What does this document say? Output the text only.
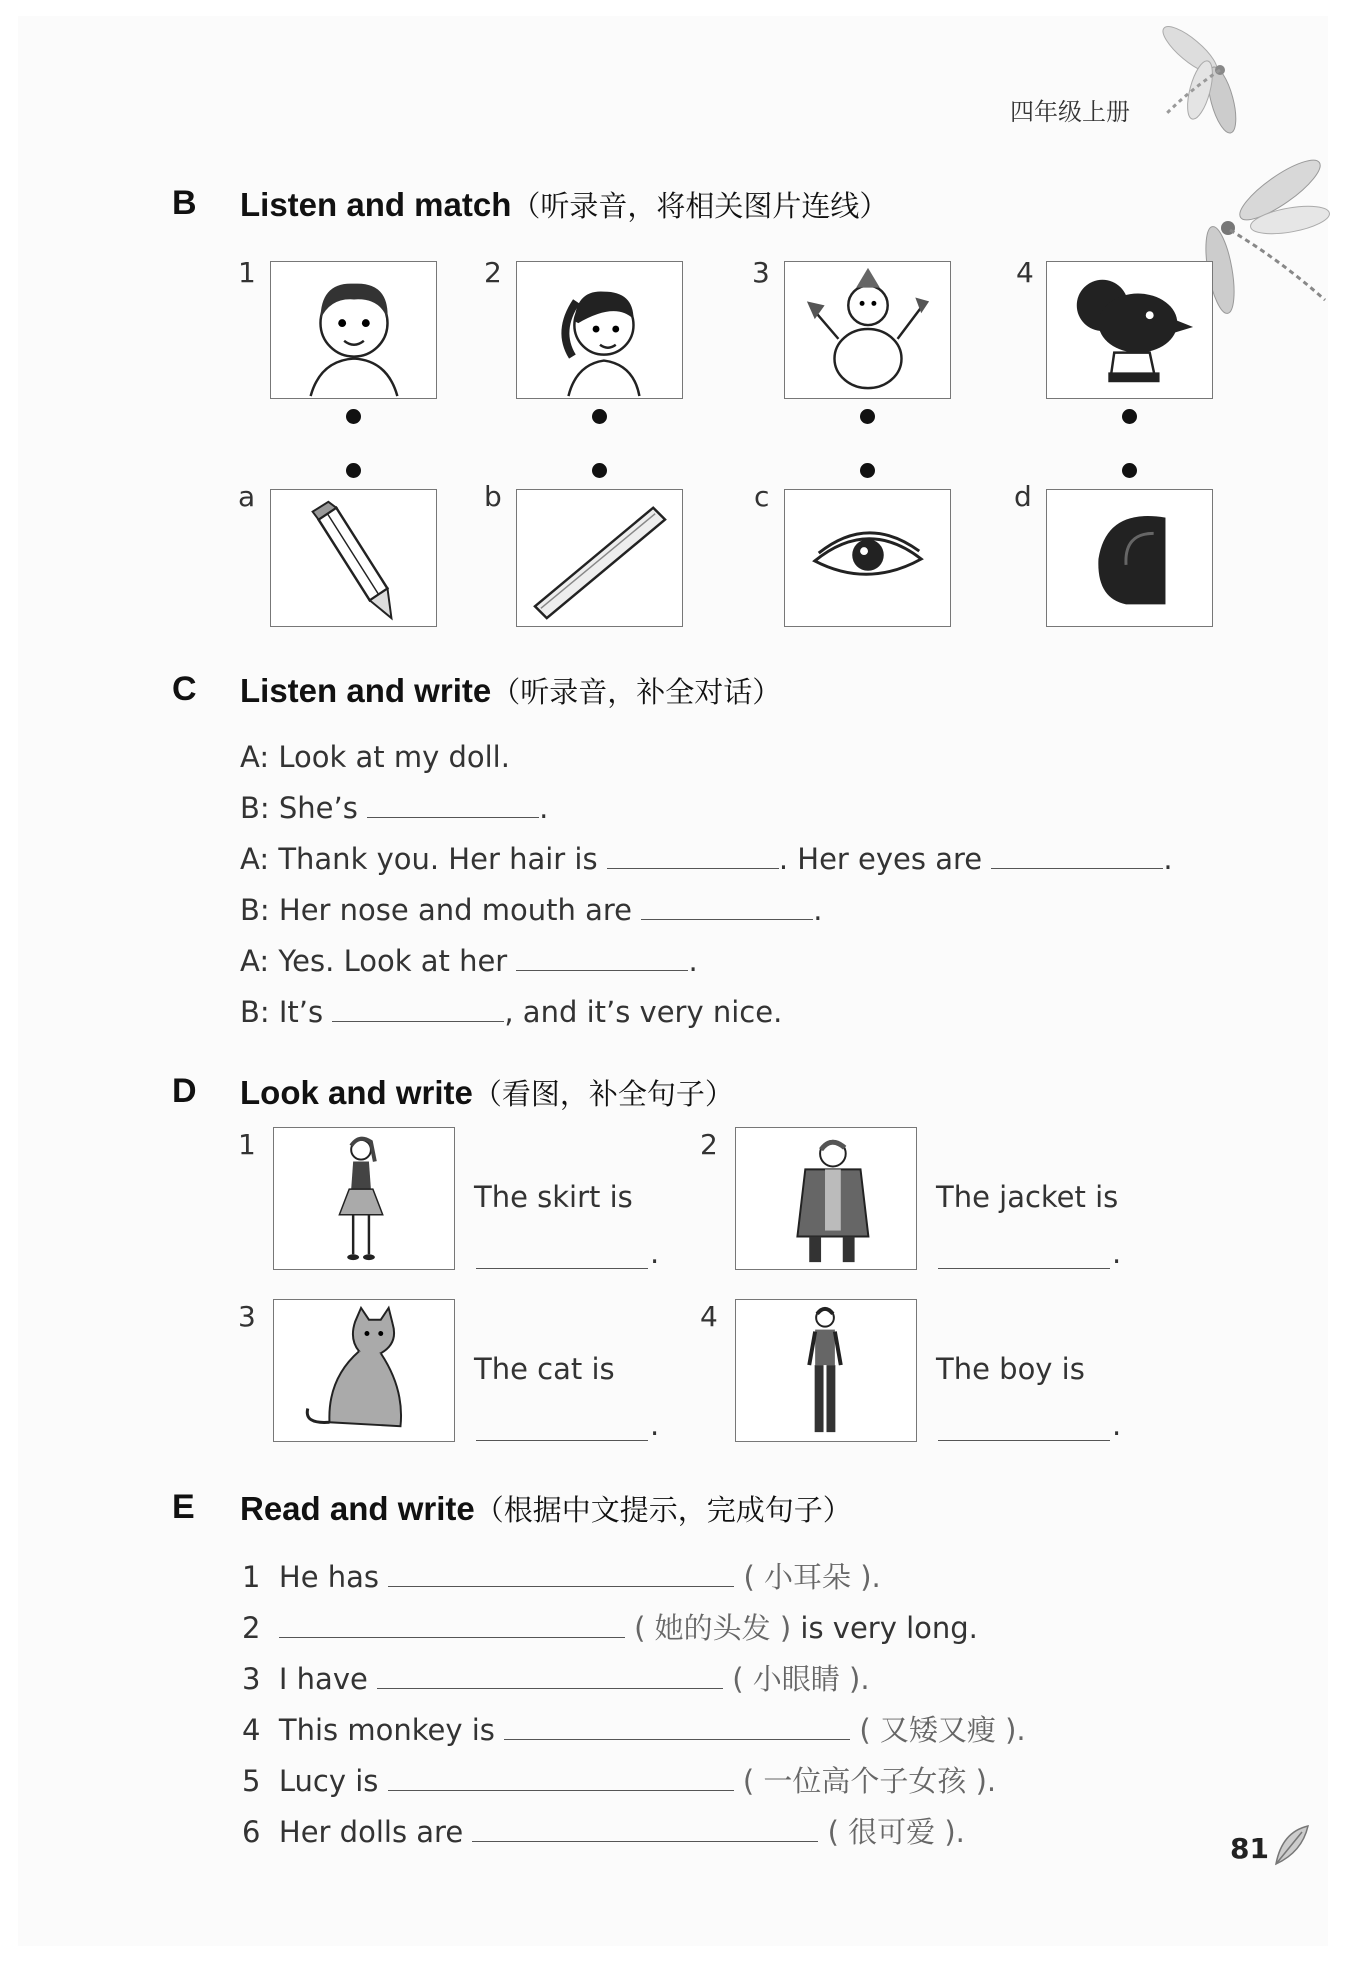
四年级上册
B Listen and match（听录音，将相关图片连线）
1	2	3	4
a	b	c	d
C Listen and write（听录音，补全对话）
A: Look at my doll.
B: She’s	.
A: Thank you. Her hair is	. Her eyes are	.
B: Her nose and mouth are	.
A: Yes. Look at her	.
B: It’s	, and it’s very nice.
D Look and write（看图，补全句子）
1
The skirt is
.
2
The jacket is
.
3
The cat is
.
4
The boy is
.
E Read and write（根据中文提示，完成句子）
1 He has	( 小耳朵 ).
2	( 她的头发 ) is very long.
3 I have	( 小眼睛 ).
4 This monkey is	( 又矮又瘦 ).
5 Lucy is	( 一位高个子女孩 ).
6 Her dolls are	( 很可爱 ).	81
